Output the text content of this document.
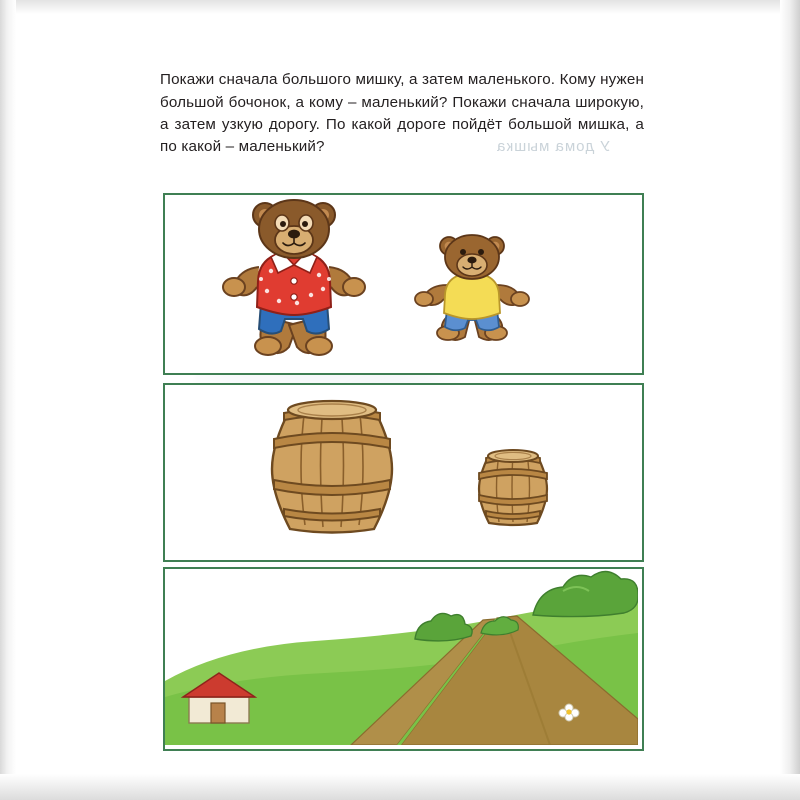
У дома мышка

Покажи сначала большого мишку, а затем маленького. Кому нужен большой бочонок, а кому – маленький? Покажи сначала широкую, а затем узкую дорогу. По какой дороге пойдёт большой мишка, а по какой – маленький?
